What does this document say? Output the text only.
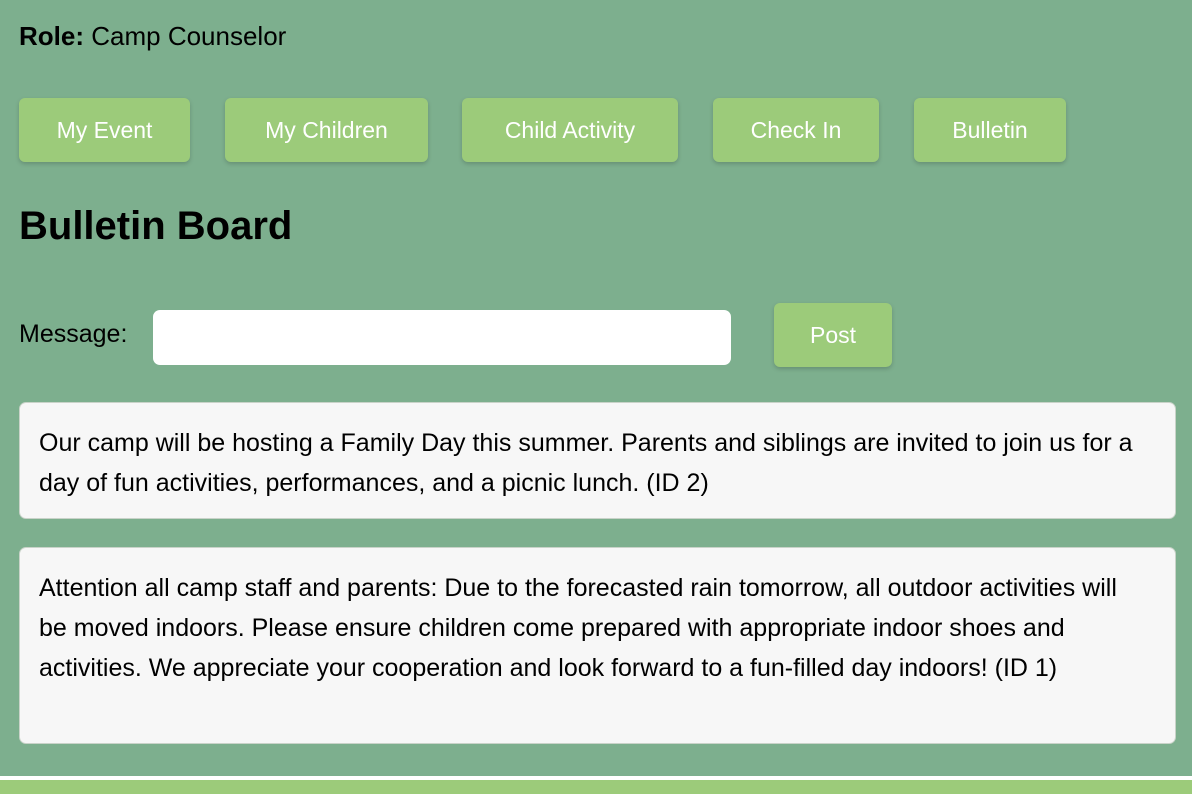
Role: Camp Counselor
My Event	My Children	Child Activity	Check In	Bulletin
Bulletin Board
Message:	Post
Our camp will be hosting a Family Day this summer. Parents and siblings are invited to join us for a day of fun activities, performances, and a picnic lunch. (ID 2)
Attention all camp staff and parents: Due to the forecasted rain tomorrow, all outdoor activities will be moved indoors. Please ensure children come prepared with appropriate indoor shoes and activities. We appreciate your cooperation and look forward to a fun-filled day indoors! (ID 1)
